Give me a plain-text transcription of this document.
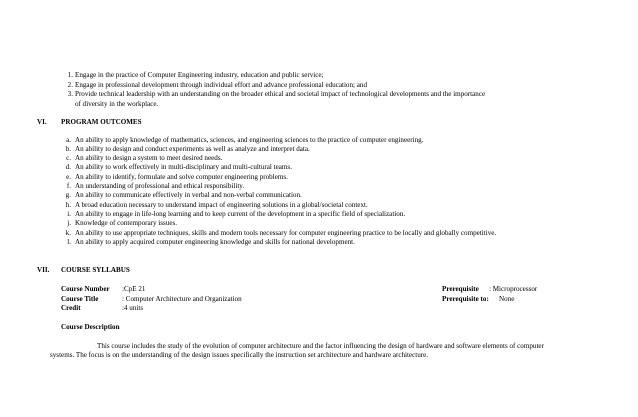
1. Engage in the practice of Computer Engineering industry, education and public service;
2. Engage in professional development through individual effort and advance professional education; and
3. Provide technical leadership with an understanding on the broader ethical and societal impact of technological developments and the importance
of diversity in the workplace.
VI. PROGRAM OUTCOMES
a. An ability to apply knowledge of mathematics, sciences, and engineering sciences to the practice of computer engineering.
b. An ability to design and conduct experiments as well as analyze and interpret data.
c. An ability to design a system to meet desired needs.
d. An ability to work effectively in multi-disciplinary and multi-cultural teams.
e. An ability to identify, formulate and solve computer engineering problems.
f. An understanding of professional and ethical responsibility.
g. An ability to communicate effectively in verbal and non-verbal communication.
h. A broad education necessary to understand impact of engineering solutions in a global/societal context.
i. An ability to engage in life-long learning and to keep current of the development in a specific field of specialization.
j. Knowledge of contemporary issues.
k. An ability to use appropriate techniques, skills and modern tools necessary for computer engineering practice to be locally and globally competitive.
l. An ability to apply acquired computer engineering knowledge and skills for national development.
VII. COURSE SYLLABUS
Course Number :CpE 21
Course Title	: Computer Architecture and Organization
Credit	:4 units
Prerequisite : Microprocessor
Prerequisite to: None
Course Description
This course includes the study of the evolution of computer architecture and the factor influencing the design of hardware and software elements of computer
systems. The focus is on the understanding of the design issues specifically the instruction set architecture and hardware architecture.
